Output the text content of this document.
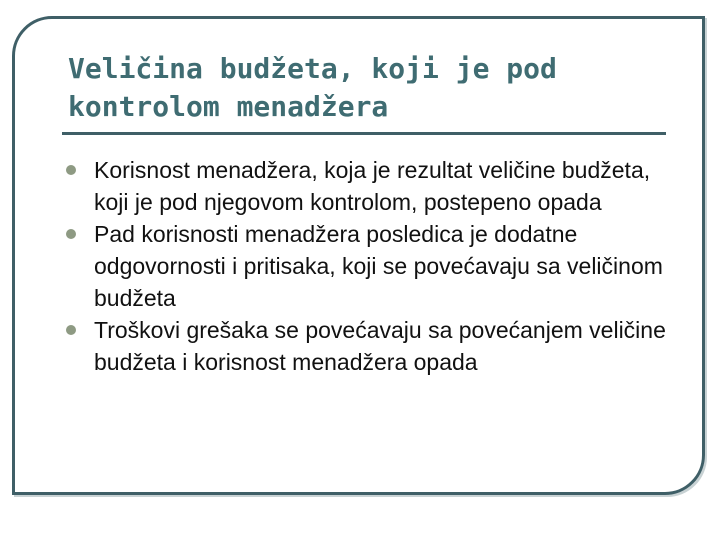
Veličina budžeta, koji je pod
kontrolom menadžera
Korisnost menadžera, koja je rezultat veličine budžeta, koji je pod njegovom kontrolom, postepeno opada
Pad korisnosti menadžera posledica je dodatne odgovornosti i pritisaka, koji se povećavaju sa veličinom budžeta
Troškovi grešaka se povećavaju sa povećanjem veličine budžeta i korisnost menadžera opada
